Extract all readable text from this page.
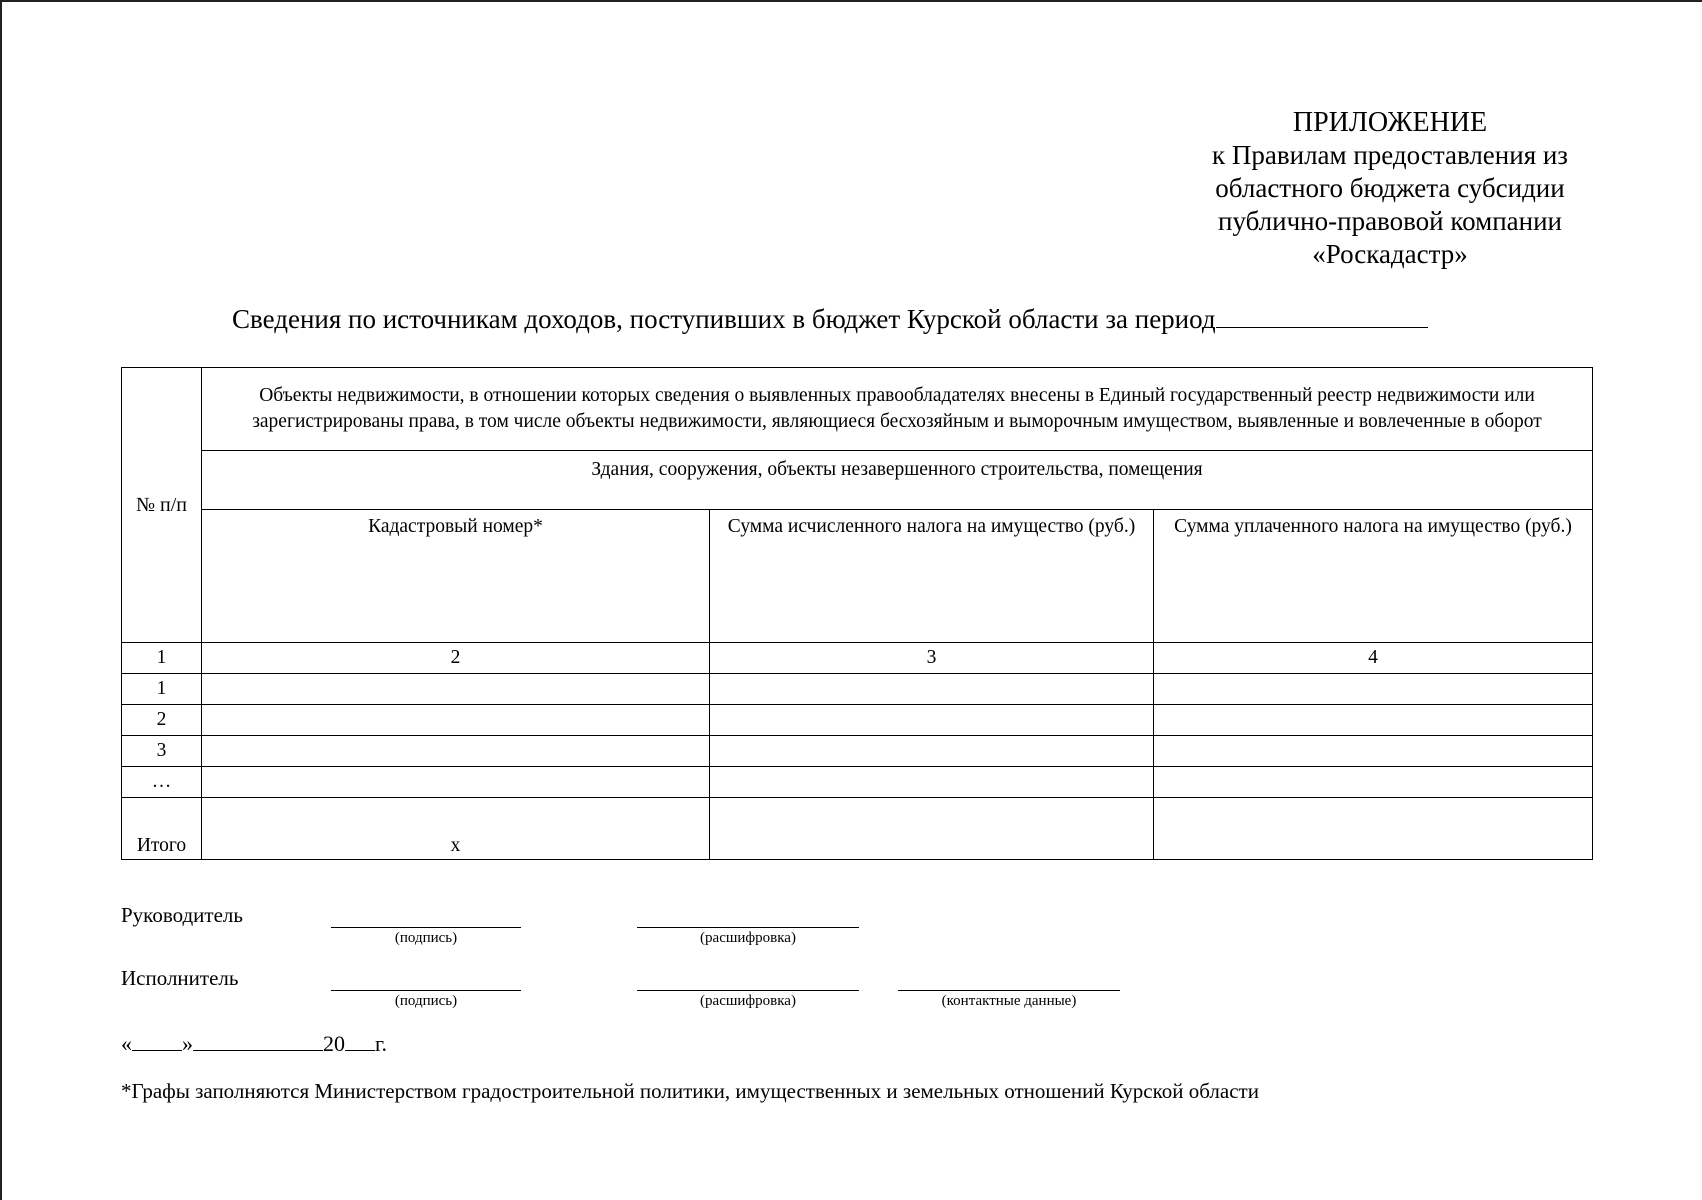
ПРИЛОЖЕНИЕ
к Правилам предоставления из
областного бюджета субсидии
публично-правовой компании
«Роскадастр»
Сведения по источникам доходов, поступивших в бюджет Курской области за период
№ п/п	Объекты недвижимости, в отношении которых сведения о выявленных правообладателях внесены в Единый государственный реестр недвижимости или зарегистрированы права, в том числе объекты недвижимости, являющиеся бесхозяйным и выморочным имуществом, выявленные и вовлеченные в оборот		
	Здания, сооружения, объекты незавершенного строительства, помещения		
	Кадастровый номер*	Сумма исчисленного налога на имущество (руб.)	Сумма уплаченного налога на имущество (руб.)
1	2	3	4
1			
2			
3			
…			
Итого	х		
Руководитель
(подпись)	(расшифровка)
Исполнитель
(подпись)	(расшифровка)	(контактные данные)
« »	20 г.
*Графы заполняются Министерством градостроительной политики, имущественных и земельных отношений Курской области
